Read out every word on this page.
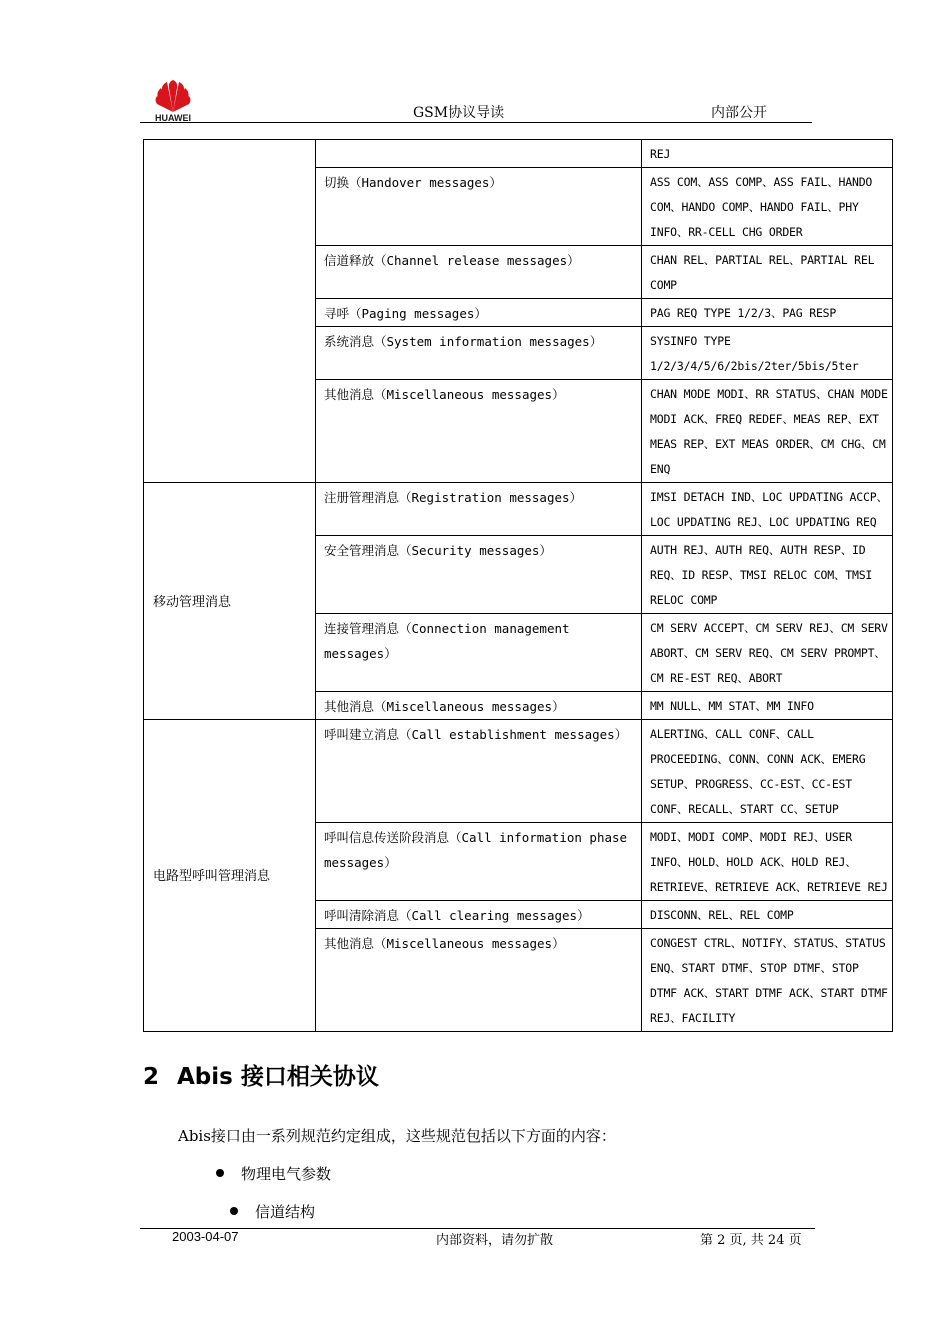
HUAWEI	GSM协议导读	内部公开
		REJ
	切换（Handover messages）	ASS COM、ASS COMP、ASS FAIL、HANDO COM、HANDO COMP、HANDO FAIL、PHY INFO、RR-CELL CHG ORDER
	信道释放（Channel release messages）	CHAN REL、PARTIAL REL、PARTIAL REL COMP
	寻呼（Paging messages）	PAG REQ TYPE 1/2/3、PAG RESP
	系统消息（System information messages）	SYSINFO TYPE 1/2/3/4/5/6/2bis/2ter/5bis/5ter
	其他消息（Miscellaneous messages）	CHAN MODE MODI、RR STATUS、CHAN MODE MODI ACK、FREQ REDEF、MEAS REP、EXT MEAS REP、EXT MEAS ORDER、CM CHG、CM ENQ
移动管理消息	注册管理消息（Registration messages）	IMSI DETACH IND、LOC UPDATING ACCP、LOC UPDATING REJ、LOC UPDATING REQ
	安全管理消息（Security messages）	AUTH REJ、AUTH REQ、AUTH RESP、ID REQ、ID RESP、TMSI RELOC COM、TMSI RELOC COMP
	连接管理消息（Connection management messages）	CM SERV ACCEPT、CM SERV REJ、CM SERV ABORT、CM SERV REQ、CM SERV PROMPT、CM RE-EST REQ、ABORT
	其他消息（Miscellaneous messages）	MM NULL、MM STAT、MM INFO
电路型呼叫管理消息	呼叫建立消息（Call establishment messages）	ALERTING、CALL CONF、CALL PROCEEDING、CONN、CONN ACK、EMERG SETUP、PROGRESS、CC-EST、CC-EST CONF、RECALL、START CC、SETUP
	呼叫信息传送阶段消息（Call information phase messages）	MODI、MODI COMP、MODI REJ、USER INFO、HOLD、HOLD ACK、HOLD REJ、RETRIEVE、RETRIEVE ACK、RETRIEVE REJ
	呼叫清除消息（Call clearing messages）	DISCONN、REL、REL COMP
	其他消息（Miscellaneous messages）	CONGEST CTRL、NOTIFY、STATUS、STATUS ENQ、START DTMF、STOP DTMF、STOP DTMF ACK、START DTMF ACK、START DTMF REJ、FACILITY
2 Abis 接口相关协议
Abis接口由一系列规范约定组成，这些规范包括以下方面的内容：
物理电气参数
信道结构
2003-04-07	内部资料，请勿扩散	第 2 页, 共 24 页
